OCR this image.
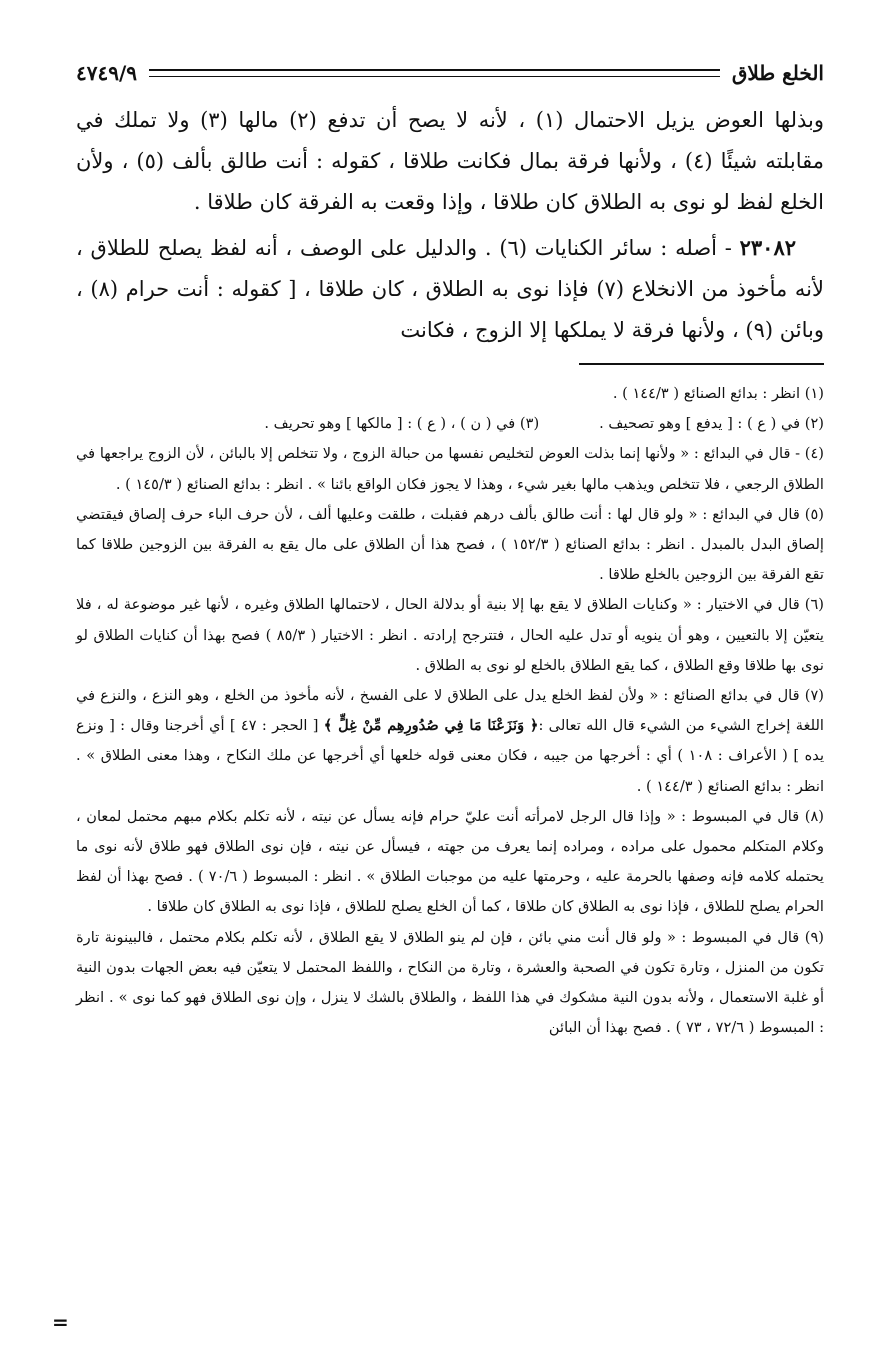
الخلع طلاق
٤٧٤٩/٩

وبذلها العوض يزيل الاحتمال (١) ، لأنه لا يصح أن تدفع (٢) مالها (٣) ولا تملك في مقابلته شيئًا (٤) ، ولأنها فرقة بمال فكانت طلاقا ، كقوله : أنت طالق بألف (٥) ، ولأن الخلع لفظ لو نوى به الطلاق كان طلاقا ، وإذا وقعت به الفرقة كان طلاقا .

٢٣٠٨٢ - أصله : سائر الكنايات (٦) . والدليل على الوصف ، أنه لفظ يصلح للطلاق ، لأنه مأخوذ من الانخلاع (٧) فإذا نوى به الطلاق ، كان طلاقا ، [ كقوله : أنت حرام (٨) ، وبائن (٩) ، ولأنها فرقة لا يملكها إلا الزوج ، فكانت

(١) انظر : بدائع الصنائع ( ١٤٤/٣ ) .

(٢) في ( ع ) : [ يدفع ] وهو تصحيف .

(٣) في ( ن ) ، ( ع ) : [ مالكها ] وهو تحريف .

(٤) - قال في البدائع : « ولأنها إنما بذلت العوض لتخليص نفسها من حبالة الزوج ، ولا تتخلص إلا بالبائن ، لأن الزوج يراجعها في الطلاق الرجعي ، فلا تتخلص ويذهب مالها بغير شيء ، وهذا لا يجوز فكان الواقع بائنا » . انظر : بدائع الصنائع ( ١٤٥/٣ ) .

(٥) قال في البدائع : « ولو قال لها : أنت طالق بألف درهم فقبلت ، طلقت وعليها ألف ، لأن حرف الباء حرف إلصاق فيقتضي إلصاق البدل بالمبدل . انظر : بدائع الصنائع ( ١٥٢/٣ ) ، فصح هذا أن الطلاق على مال يقع به الفرقة بين الزوجين طلاقا كما تقع الفرقة بين الزوجين بالخلع طلاقا .

(٦) قال في الاختيار : « وكنايات الطلاق لا يقع بها إلا بنية أو بدلالة الحال ، لاحتمالها الطلاق وغيره ، لأنها غير موضوعة له ، فلا يتعيّن إلا بالتعيين ، وهو أن ينويه أو تدل عليه الحال ، فتترجح إرادته . انظر : الاختيار ( ٨٥/٣ ) فصح بهذا أن كنايات الطلاق لو نوى بها طلاقا وقع الطلاق ، كما يقع الطلاق بالخلع لو نوى به الطلاق .

(٧) قال في بدائع الصنائع : « ولأن لفظ الخلع يدل على الطلاق لا على الفسخ ، لأنه مأخوذ من الخلع ، وهو النزع ، والنزع في اللغة إخراج الشيء من الشيء قال الله تعالى :﴿ وَنَزَعْنَا مَا فِي صُدُورِهِم مِّنْ غِلٍّ ﴾ [ الحجر : ٤٧ ] أي أخرجنا وقال : [ ونزع يده ] ( الأعراف : ١٠٨ ) أي : أخرجها من جيبه ، فكان معنى قوله خلعها أي أخرجها عن ملك النكاح ، وهذا معنى الطلاق » . انظر : بدائع الصنائع ( ١٤٤/٣ ) .

(٨) قال في المبسوط : « وإذا قال الرجل لامرأته أنت عليّ حرام فإنه يسأل عن نيته ، لأنه تكلم بكلام مبهم محتمل لمعان ، وكلام المتكلم محمول على مراده ، ومراده إنما يعرف من جهته ، فيسأل عن نيته ، فإن نوى الطلاق فهو طلاق لأنه نوى ما يحتمله كلامه فإنه وصفها بالحرمة عليه ، وحرمتها عليه من موجبات الطلاق » . انظر : المبسوط ( ٧٠/٦ ) . فصح بهذا أن لفظ الحرام يصلح للطلاق ، فإذا نوى به الطلاق كان طلاقا ، كما أن الخلع يصلح للطلاق ، فإذا نوى به الطلاق كان طلاقا .

(٩) قال في المبسوط : « ولو قال أنت مني بائن ، فإن لم ينو الطلاق لا يقع الطلاق ، لأنه تكلم بكلام محتمل ، فالبينونة تارة تكون من المنزل ، وتارة تكون في الصحبة والعشرة ، وتارة من النكاح ، واللفظ المحتمل لا يتعيّن فيه بعض الجهات بدون النية أو غلبة الاستعمال ، ولأنه بدون النية مشكوك في هذا اللفظ ، والطلاق بالشك لا ينزل ، وإن نوى الطلاق فهو كما نوى » . انظر : المبسوط ( ٧٢/٦ ، ٧٣ ) . فصح بهذا أن البائن

=
